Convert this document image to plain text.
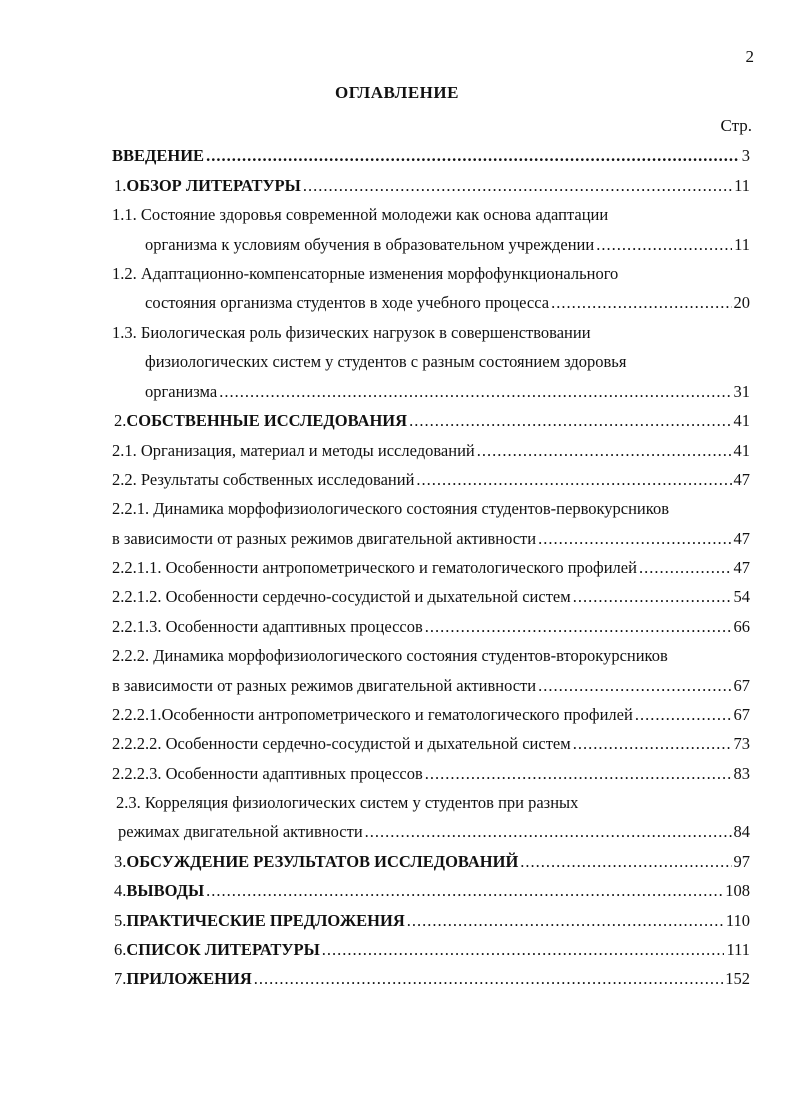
2
ОГЛАВЛЕНИЕ
Стр.
ВВЕДЕНИЕ .....	3
1. ОБЗОР ЛИТЕРАТУРЫ .....	11
1.1. Состояние здоровья современной молодежи как основа адаптации
организма к условиям обучения в образовательном учреждении .....	11
1.2. Адаптационно-компенсаторные изменения морфофункционального
состояния организма студентов в ходе учебного процесса .....	20
1.3. Биологическая роль физических нагрузок в совершенствовании
физиологических систем у студентов с разным состоянием здоровья
организма .....	31
2. СОБСТВЕННЫЕ ИССЛЕДОВАНИЯ .....	41
2.1. Организация, материал и методы исследований .....	41
2.2. Результаты собственных исследований .....	47
2.2.1. Динамика морфофизиологического состояния студентов-первокурсников
в зависимости от разных режимов двигательной активности .....	47
2.2.1.1. Особенности антропометрического и гематологического профилей .....	47
2.2.1.2. Особенности сердечно-сосудистой и дыхательной систем .....	54
2.2.1.3. Особенности адаптивных процессов .....	66
2.2.2. Динамика морфофизиологического состояния студентов-второкурсников
в зависимости от разных режимов двигательной активности .....	67
2.2.2.1.Особенности антропометрического и гематологического профилей .....	67
2.2.2.2. Особенности сердечно-сосудистой и дыхательной систем .....	73
2.2.2.3. Особенности адаптивных процессов .....	83
2.3. Корреляция физиологических систем у студентов при разных
режимах двигательной активности .....	84
3. ОБСУЖДЕНИЕ РЕЗУЛЬТАТОВ ИССЛЕДОВАНИЙ .....	97
4. ВЫВОДЫ .....	108
5. ПРАКТИЧЕСКИЕ ПРЕДЛОЖЕНИЯ .....	110
6. СПИСОК ЛИТЕРАТУРЫ .....	111
7. ПРИЛОЖЕНИЯ .....	152
